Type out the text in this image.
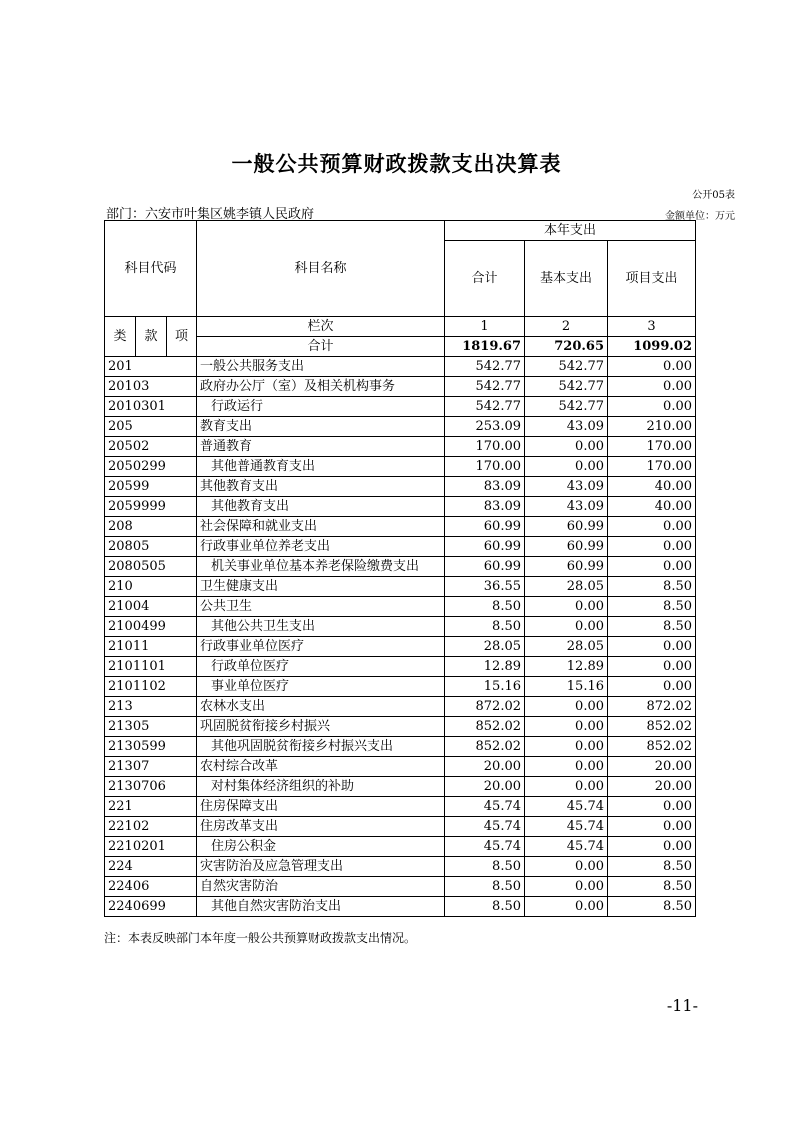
一般公共预算财政拨款支出决算表
公开05表
部门：六安市叶集区姚李镇人民政府	金额单位：万元
科目代码			科目名称	本年支出		
				合计	基本支出	项目支出
类	款	项	栏次	1	2	3
			合计	1819.67	720.65	1099.02
201			一般公共服务支出	542.77	542.77	0.00
20103			政府办公厅（室）及相关机构事务	542.77	542.77	0.00
2010301			行政运行	542.77	542.77	0.00
205			教育支出	253.09	43.09	210.00
20502			普通教育	170.00	0.00	170.00
2050299			其他普通教育支出	170.00	0.00	170.00
20599			其他教育支出	83.09	43.09	40.00
2059999			其他教育支出	83.09	43.09	40.00
208			社会保障和就业支出	60.99	60.99	0.00
20805			行政事业单位养老支出	60.99	60.99	0.00
2080505			机关事业单位基本养老保险缴费支出	60.99	60.99	0.00
210			卫生健康支出	36.55	28.05	8.50
21004			公共卫生	8.50	0.00	8.50
2100499			其他公共卫生支出	8.50	0.00	8.50
21011			行政事业单位医疗	28.05	28.05	0.00
2101101			行政单位医疗	12.89	12.89	0.00
2101102			事业单位医疗	15.16	15.16	0.00
213			农林水支出	872.02	0.00	872.02
21305			巩固脱贫衔接乡村振兴	852.02	0.00	852.02
2130599			其他巩固脱贫衔接乡村振兴支出	852.02	0.00	852.02
21307			农村综合改革	20.00	0.00	20.00
2130706			对村集体经济组织的补助	20.00	0.00	20.00
221			住房保障支出	45.74	45.74	0.00
22102			住房改革支出	45.74	45.74	0.00
2210201			住房公积金	45.74	45.74	0.00
224			灾害防治及应急管理支出	8.50	0.00	8.50
22406			自然灾害防治	8.50	0.00	8.50
2240699			其他自然灾害防治支出	8.50	0.00	8.50
注：本表反映部门本年度一般公共预算财政拨款支出情况。
-11-
